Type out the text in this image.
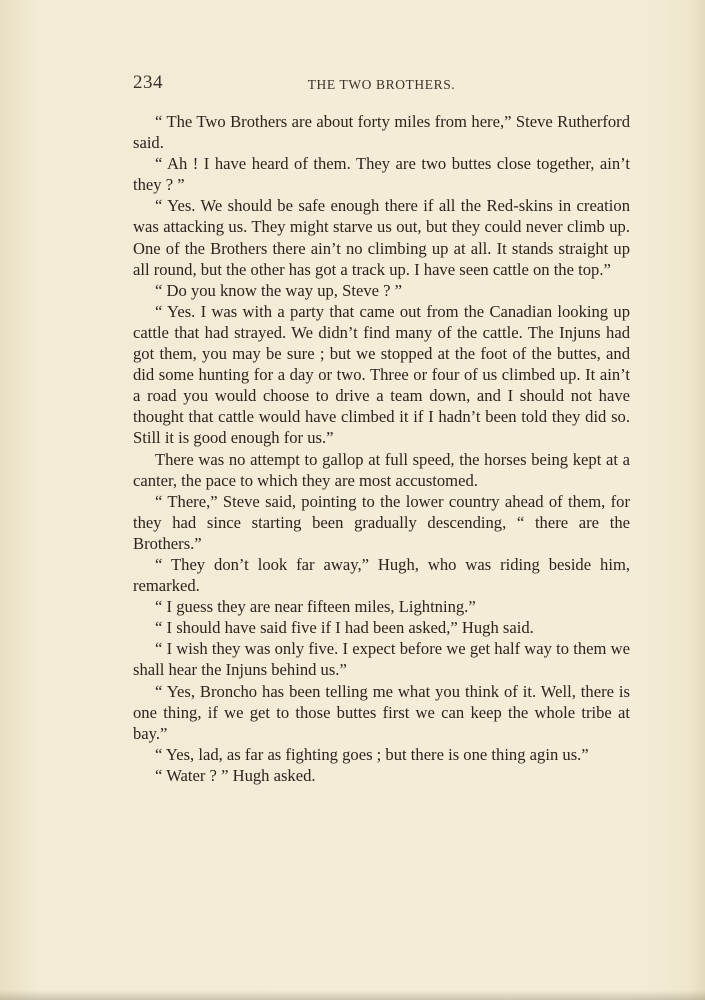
234	THE TWO BROTHERS.

“ The Two Brothers are about forty miles from here,” Steve Rutherford said.

“ Ah ! I have heard of them. They are two buttes close together, ain’t they ? ”

“ Yes. We should be safe enough there if all the Red-skins in creation was attacking us. They might starve us out, but they could never climb up. One of the Brothers there ain’t no climbing up at all. It stands straight up all round, but the other has got a track up. I have seen cattle on the top.”

“ Do you know the way up, Steve ? ”

“ Yes. I was with a party that came out from the Canadian looking up cattle that had strayed. We didn’t find many of the cattle. The Injuns had got them, you may be sure ; but we stopped at the foot of the buttes, and did some hunting for a day or two. Three or four of us climbed up. It ain’t a road you would choose to drive a team down, and I should not have thought that cattle would have climbed it if I hadn’t been told they did so. Still it is good enough for us.”

There was no attempt to gallop at full speed, the horses being kept at a canter, the pace to which they are most accustomed.

“ There,” Steve said, pointing to the lower country ahead of them, for they had since starting been gradually descending, “ there are the Brothers.”

“ They don’t look far away,” Hugh, who was riding beside him, remarked.

“ I guess they are near fifteen miles, Lightning.”

“ I should have said five if I had been asked,” Hugh said.

“ I wish they was only five. I expect before we get half way to them we shall hear the Injuns behind us.”

“ Yes, Broncho has been telling me what you think of it. Well, there is one thing, if we get to those buttes first we can keep the whole tribe at bay.”

“ Yes, lad, as far as fighting goes ; but there is one thing agin us.”

“ Water ? ” Hugh asked.
